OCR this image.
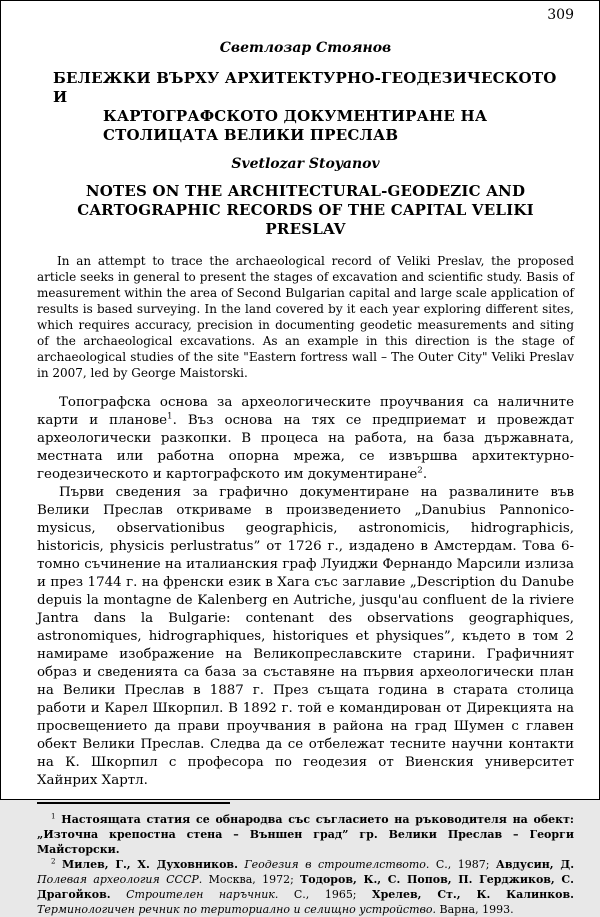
309
Светлозар Стоянов
БЕЛЕЖКИ ВЪРХУ АРХИТЕКТУРНО-ГЕОДЕЗИЧЕСКОТО И
КАРТОГРАФСКОТО ДОКУМЕНТИРАНЕ НА
СТОЛИЦАТА ВЕЛИКИ ПРЕСЛАВ
Svetlozar Stoyanov
NOTES ON THE ARCHITECTURAL-GEODEZIC AND
CARTOGRAPHIC RECORDS OF THE CAPITAL VELIKI PRESLAV

In an attempt to trace the archaeological record of Veliki Preslav, the proposed article seeks in general to present the stages of excavation and scientific study. Basis of measurement within the area of Second Bulgarian capital and large scale application of results is based surveying. In the land covered by it each year exploring different sites, which requires accuracy, precision in documenting geodetic measurements and siting of the archaeological excavations. As an example in this direction is the stage of archaeological studies of the site "Eastern fortress wall – The Outer City" Veliki Preslav in 2007, led by George Maistorski.

Топографска основа за археологическите проучвания са наличните карти и планове$^1$. Въз основа на тях се предприемат и провеждат археологически разкопки. В процеса на работа, на база държавната, местната или работна опорна мрежа, се извършва архитектурно-геодезическото и картографското им документиране$^2$.

Първи сведения за графично документиране на развалините във Велики Преслав откриваме в произведението „Danubius Pannonico-mysicus, observationibus geographicis, astronomicis, hidrographicis, historicis, physicis perlustratus” от 1726 г., издадено в Амстердам. Това 6-томно съчинение на италианския граф Луиджи Фернандо Марсили излиза и през 1744 г. на френски език в Хага със заглавие „Description du Danube depuis la montagne de Kalenberg en Autriche, jusqu'au confluent de la riviere Jantra dans la Bulgarie: contenant des observations geographiques, astronomiques, hidrographiques, historiques et physiques”, където в том 2 намираме изображение на Великопреславските старини. Графичният образ и сведенията са база за съставяне на първия археологически план на Велики Преслав в 1887 г. През същата година в старата столица работи и Карел Шкорпил. В 1892 г. той е командирован от Дирекцията на просвещението да прави проучвания в района на град Шумен с главен обект Велики Преслав. Следва да се отбележат тесните научни контакти на К. Шкорпил с професора по геодезия от Виенския университет Хайнрих Хартл.

$^1$ Настоящата статия се обнародва със съгласието на ръководителя на обект: „Източна крепостна стена – Външен град” гр. Велики Преслав – Георги Майсторски.

$^2$ Милев, Г., Х. Духовников. Геодезия в строителството. С., 1987; Авдусин, Д. Полевая археология СССР. Москва, 1972; Тодоров, К., С. Попов, П. Герджиков, С. Драгойков. Строителен наръчник. С., 1965; Хрелев, Ст., К. Калинков. Терминологичен речник по териториално и селищно устройство. Варна, 1993.
